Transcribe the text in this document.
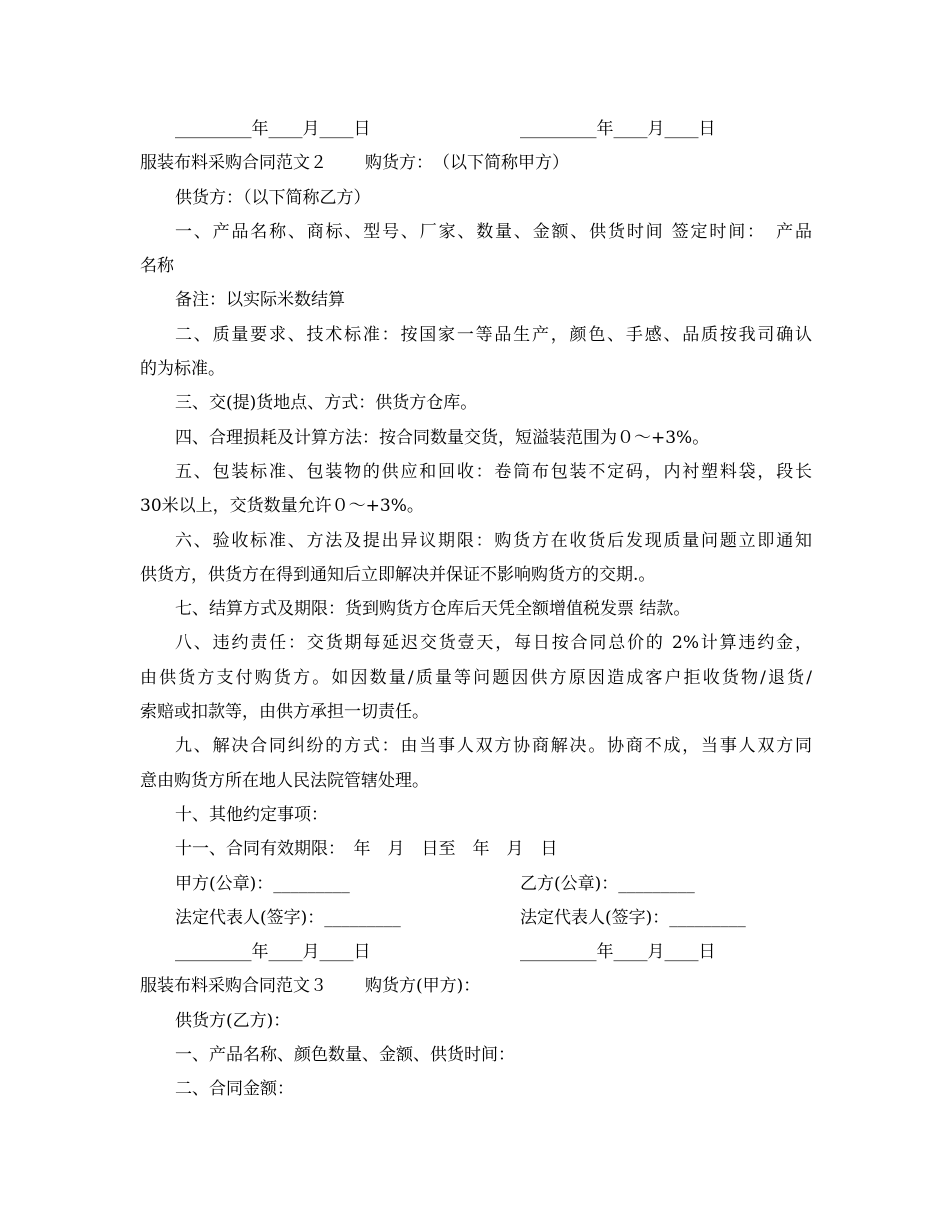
_________年____月____日	_________年____月____日
服装布料采购合同范文２ 购货方：　（以下简称甲方）
供货方：（以下简称乙方）
一、产品名称、商标、型号、厂家、数量、金额、供货时间 签定时间：　产品
名称
备注：以实际米数结算
二、质量要求、技术标准：按国家一等品生产，颜色、手感、品质按我司确认
的为标准。
三、交(提)货地点、方式：供货方仓库。
四、合理损耗及计算方法：按合同数量交货，短溢装范围为０～+3%。
五、包装标准、包装物的供应和回收：卷筒布包装不定码，内衬塑料袋，段长
30米以上，交货数量允许０～+3%。
六、验收标准、方法及提出异议期限：购货方在收货后发现质量问题立即通知
供货方，供货方在得到通知后立即解决并保证不影响购货方的交期.。
七、结算方式及期限：货到购货方仓库后天凭全额增值税发票 结款。
八、违约责任：交货期每延迟交货壹天，每日按合同总价的 2%计算违约金，
由供货方支付购货方。如因数量/质量等问题因供方原因造成客户拒收货物/退货/
索赔或扣款等，由供方承担一切责任。
九、解决合同纠纷的方式：由当事人双方协商解决。协商不成，当事人双方同
意由购货方所在地人民法院管辖处理。
十、其他约定事项：
十一、合同有效期限：　年　月　日至　年　月　日
甲方(公章)：_________	乙方(公章)：_________
法定代表人(签字)：_________	法定代表人(签字)：_________
_________年____月____日	_________年____月____日
服装布料采购合同范文３ 购货方(甲方)：
供货方(乙方)：
一、产品名称、颜色数量、金额、供货时间：
二、合同金额：
